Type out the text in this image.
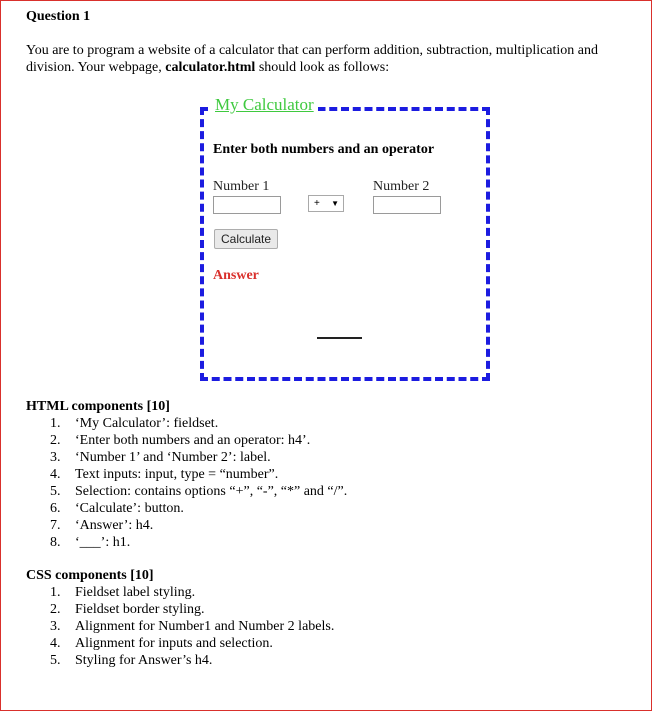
Question 1
You are to program a website of a calculator that can perform addition, subtraction, multiplication and division. Your webpage, calculator.html should look as follows:
My Calculator
Enter both numbers and an operator
Number 1	Number 2
+ ▼
Calculate
Answer
HTML components [10]
1. ‘My Calculator’: fieldset.
2. ‘Enter both numbers and an operator: h4’.
3. ‘Number 1’ and ‘Number 2’: label.
4. Text inputs: input, type = “number”.
5. Selection: contains options “+”, “-”, “*” and “/”.
6. ‘Calculate’: button.
7. ‘Answer’: h4.
8. ‘___’: h1.
CSS components [10]
1. Fieldset label styling.
2. Fieldset border styling.
3. Alignment for Number1 and Number 2 labels.
4. Alignment for inputs and selection.
5. Styling for Answer’s h4.
